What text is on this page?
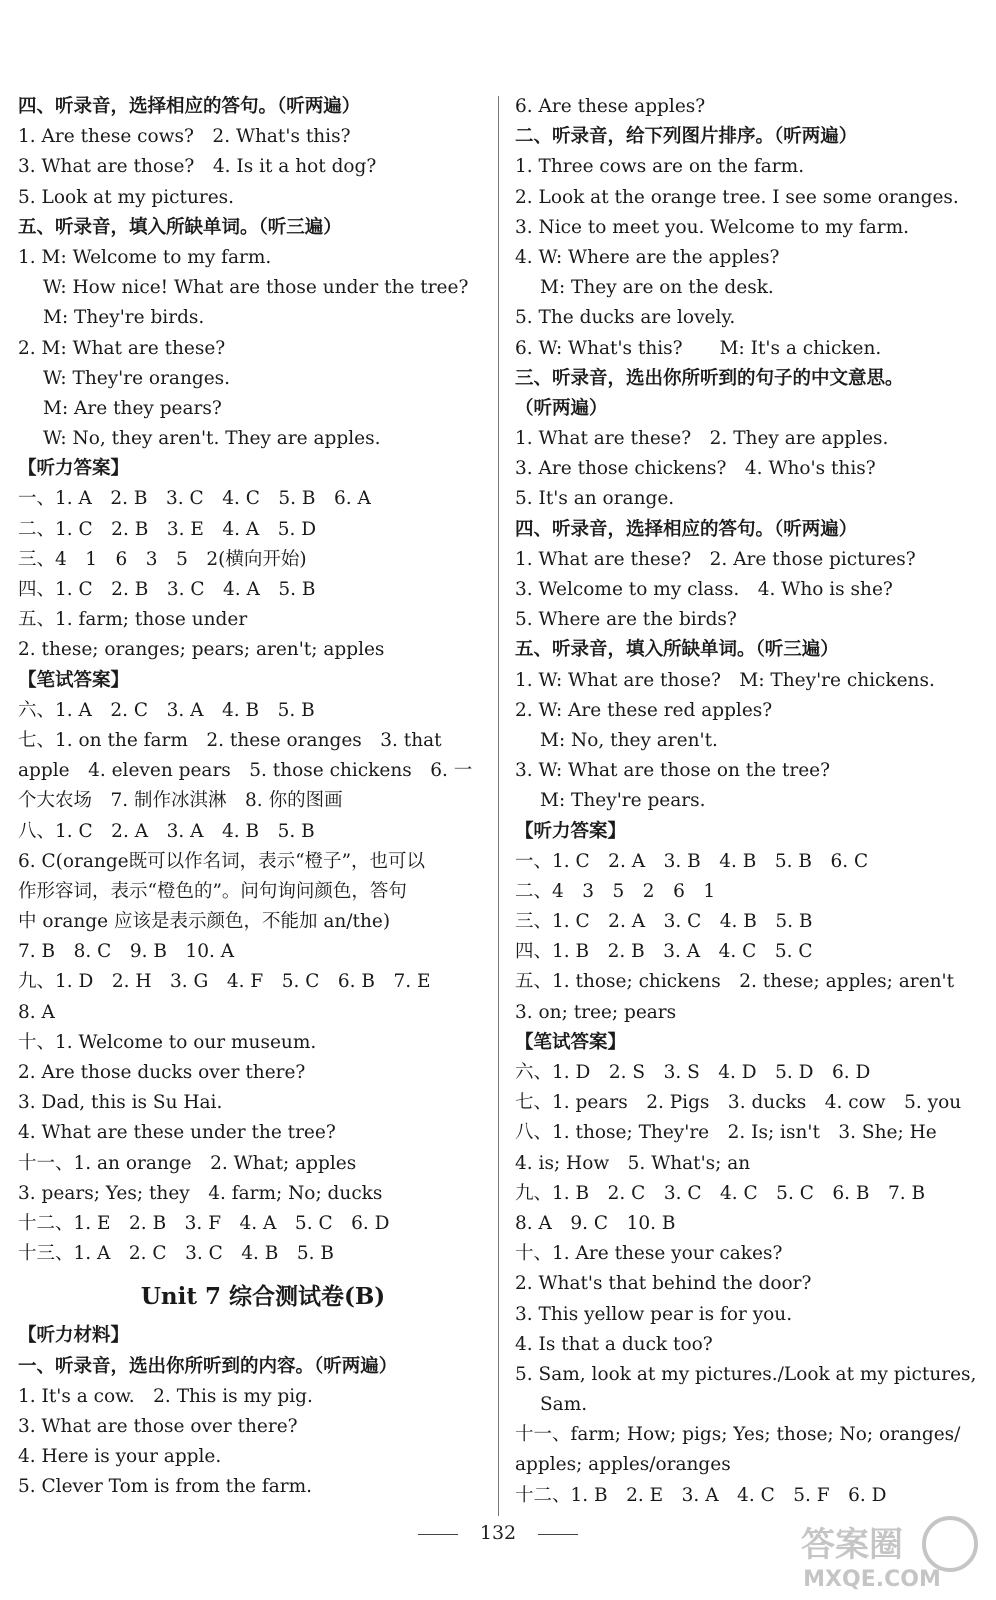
四、听录音，选择相应的答句。（听两遍）
1. Are these cows?　2. What's this?
3. What are those?　4. Is it a hot dog?
5. Look at my pictures.
五、听录音，填入所缺单词。（听三遍）
1. M: Welcome to my farm.
W: How nice! What are those under the tree?
M: They're birds.
2. M: What are these?
W: They're oranges.
M: Are they pears?
W: No, they aren't. They are apples.
【听力答案】
一、1. A　2. B　3. C　4. C　5. B　6. A
二、1. C　2. B　3. E　4. A　5. D
三、4　1　6　3　5　2(横向开始)
四、1. C　2. B　3. C　4. A　5. B
五、1. farm; those under
2. these; oranges; pears; aren't; apples
【笔试答案】
六、1. A　2. C　3. A　4. B　5. B
七、1. on the farm　2. these oranges　3. that
apple　4. eleven pears　5. those chickens　6. 一
个大农场　7. 制作冰淇淋　8. 你的图画
八、1. C　2. A　3. A　4. B　5. B
6. C(orange既可以作名词，表示“橙子”，也可以
作形容词，表示“橙色的”。问句询问颜色，答句
中 orange 应该是表示颜色，不能加 an/the)
7. B　8. C　9. B　10. A
九、1. D　2. H　3. G　4. F　5. C　6. B　7. E
8. A
十、1. Welcome to our museum.
2. Are those ducks over there?
3. Dad, this is Su Hai.
4. What are these under the tree?
十一、1. an orange　2. What; apples
3. pears; Yes; they　4. farm; No; ducks
十二、1. E　2. B　3. F　4. A　5. C　6. D
十三、1. A　2. C　3. C　4. B　5. B
Unit 7 综合测试卷(B)
【听力材料】
一、听录音，选出你所听到的内容。（听两遍）
1. It's a cow.　2. This is my pig.
3. What are those over there?
4. Here is your apple.
5. Clever Tom is from the farm.
6. Are these apples?
二、听录音，给下列图片排序。（听两遍）
1. Three cows are on the farm.
2. Look at the orange tree. I see some oranges.
3. Nice to meet you. Welcome to my farm.
4. W: Where are the apples?
M: They are on the desk.
5. The ducks are lovely.
6. W: What's this?　　M: It's a chicken.
三、听录音，选出你所听到的句子的中文意思。
（听两遍）
1. What are these?　2. They are apples.
3. Are those chickens?　4. Who's this?
5. It's an orange.
四、听录音，选择相应的答句。（听两遍）
1. What are these?　2. Are those pictures?
3. Welcome to my class.　4. Who is she?
5. Where are the birds?
五、听录音，填入所缺单词。（听三遍）
1. W: What are those?　M: They're chickens.
2. W: Are these red apples?
M: No, they aren't.
3. W: What are those on the tree?
M: They're pears.
【听力答案】
一、1. C　2. A　3. B　4. B　5. B　6. C
二、4　3　5　2　6　1
三、1. C　2. A　3. C　4. B　5. B
四、1. B　2. B　3. A　4. C　5. C
五、1. those; chickens　2. these; apples; aren't
3. on; tree; pears
【笔试答案】
六、1. D　2. S　3. S　4. D　5. D　6. D
七、1. pears　2. Pigs　3. ducks　4. cow　5. you
八、1. those; They're　2. Is; isn't　3. She; He
4. is; How　5. What's; an
九、1. B　2. C　3. C　4. C　5. C　6. B　7. B
8. A　9. C　10. B
十、1. Are these your cakes?
2. What's that behind the door?
3. This yellow pear is for you.
4. Is that a duck too?
5. Sam, look at my pictures./Look at my pictures,
Sam.
十一、farm; How; pigs; Yes; those; No; oranges/
apples; apples/oranges
十二、1. B　2. E　3. A　4. C　5. F　6. D
132	答案圈
MXQE.COM
